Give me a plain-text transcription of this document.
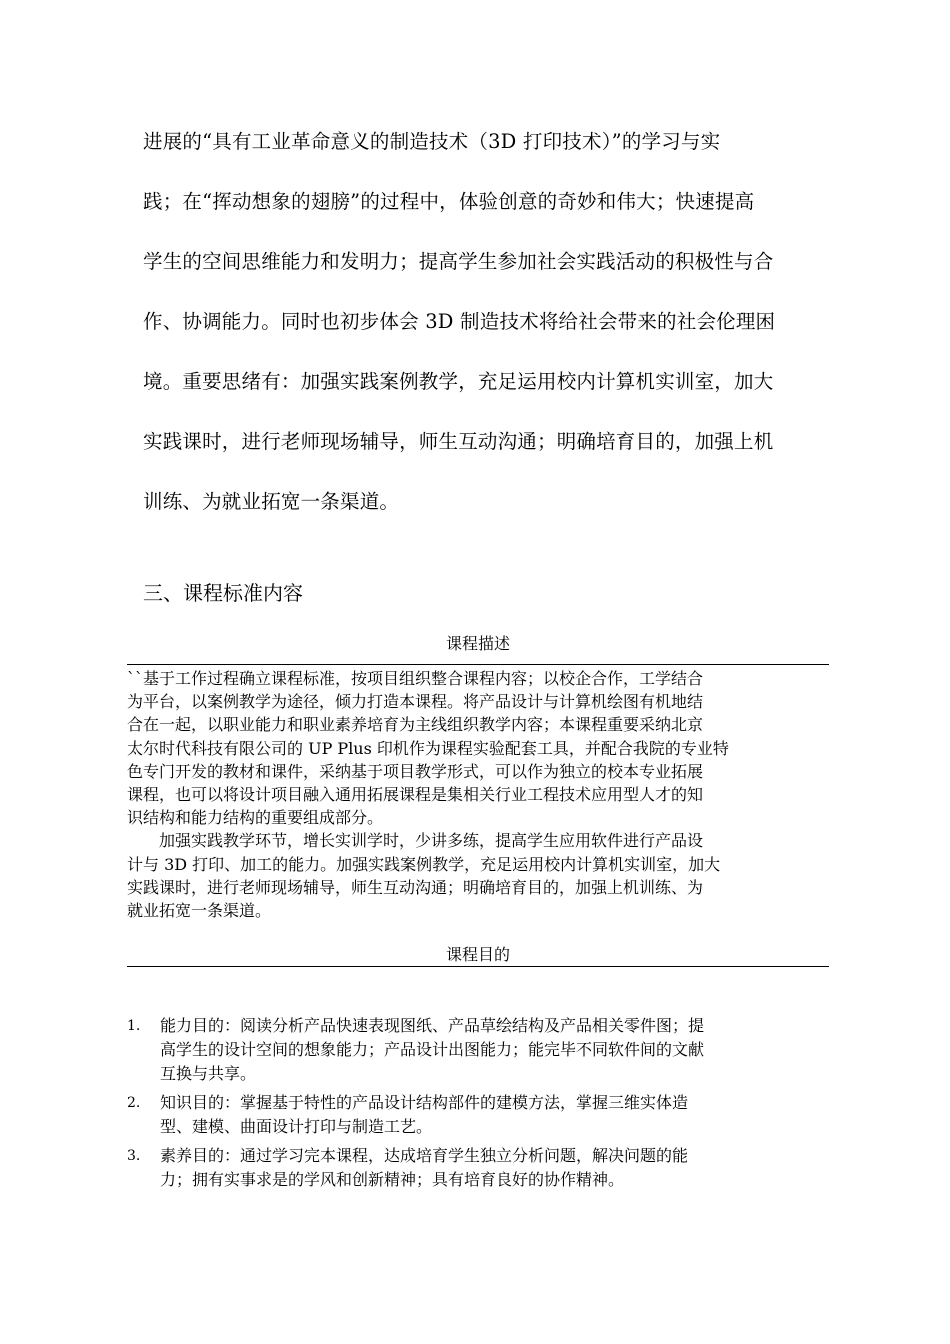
进展的“具有工业革命意义的制造技术（3D 打印技术）”的学习与实
践；在“挥动想象的翅膀”的过程中，体验创意的奇妙和伟大；快速提高
学生的空间思维能力和发明力；提高学生参加社会实践活动的积极性与合
作、协调能力。同时也初步体会 3D 制造技术将给社会带来的社会伦理困
境。重要思绪有：加强实践案例教学，充足运用校内计算机实训室，加大
实践课时，进行老师现场辅导，师生互动沟通；明确培育目的，加强上机
训练、为就业拓宽一条渠道。
三、课程标准内容
课程描述
``基于工作过程确立课程标准，按项目组织整合课程内容；以校企合作，工学结合
为平台，以案例教学为途径，倾力打造本课程。将产品设计与计算机绘图有机地结
合在一起，以职业能力和职业素养培育为主线组织教学内容；本课程重要采纳北京
太尔时代科技有限公司的 UP Plus 印机作为课程实验配套工具，并配合我院的专业特
色专门开发的教材和课件，采纳基于项目教学形式，可以作为独立的校本专业拓展
课程，也可以将设计项目融入通用拓展课程是集相关行业工程技术应用型人才的知
识结构和能力结构的重要组成部分。
　　加强实践教学环节，增长实训学时，少讲多练，提高学生应用软件进行产品设
计与 3D 打印、加工的能力。加强实践案例教学，充足运用校内计算机实训室，加大
实践课时，进行老师现场辅导，师生互动沟通；明确培育目的，加强上机训练、为
就业拓宽一条渠道。
课程目的
1. 能力目的：阅读分析产品快速表现图纸、产品草绘结构及产品相关零件图；提
高学生的设计空间的想象能力；产品设计出图能力；能完毕不同软件间的文献
互换与共享。
2. 知识目的：掌握基于特性的产品设计结构部件的建模方法，掌握三维实体造
型、建模、曲面设计打印与制造工艺。
3. 素养目的：通过学习完本课程，达成培育学生独立分析问题，解决问题的能
力；拥有实事求是的学风和创新精神；具有培育良好的协作精神。
